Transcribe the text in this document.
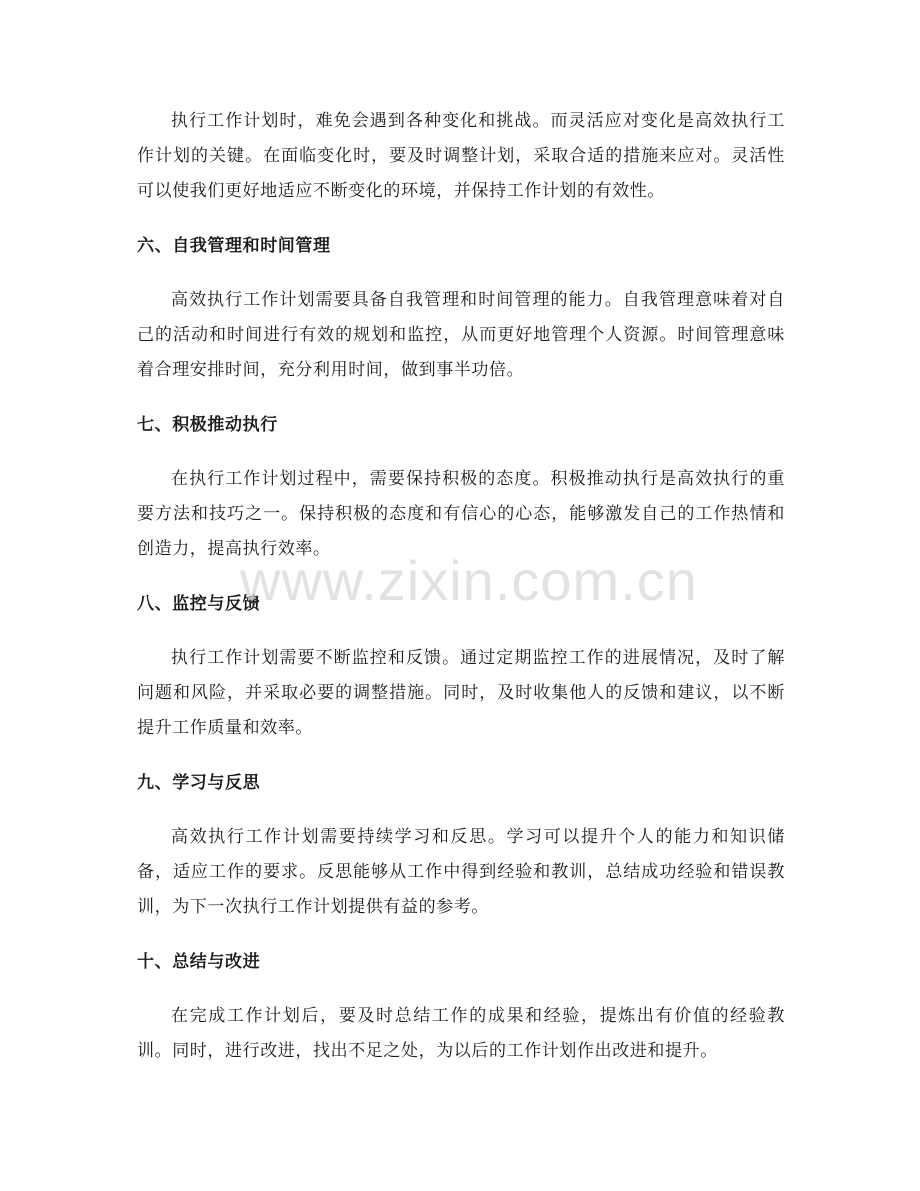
执行工作计划时，难免会遇到各种变化和挑战。而灵活应对变化是高效执行工作计划的关键。在面临变化时，要及时调整计划，采取合适的措施来应对。灵活性可以使我们更好地适应不断变化的环境，并保持工作计划的有效性。

六、自我管理和时间管理

高效执行工作计划需要具备自我管理和时间管理的能力。自我管理意味着对自己的活动和时间进行有效的规划和监控，从而更好地管理个人资源。时间管理意味着合理安排时间，充分利用时间，做到事半功倍。

七、积极推动执行

在执行工作计划过程中，需要保持积极的态度。积极推动执行是高效执行的重要方法和技巧之一。保持积极的态度和有信心的心态，能够激发自己的工作热情和创造力，提高执行效率。

八、监控与反馈

执行工作计划需要不断监控和反馈。通过定期监控工作的进展情况，及时了解问题和风险，并采取必要的调整措施。同时，及时收集他人的反馈和建议，以不断提升工作质量和效率。

九、学习与反思

高效执行工作计划需要持续学习和反思。学习可以提升个人的能力和知识储备，适应工作的要求。反思能够从工作中得到经验和教训，总结成功经验和错误教训，为下一次执行工作计划提供有益的参考。

十、总结与改进

在完成工作计划后，要及时总结工作的成果和经验，提炼出有价值的经验教训。同时，进行改进，找出不足之处，为以后的工作计划作出改进和提升。

www.zixin.com.cn
